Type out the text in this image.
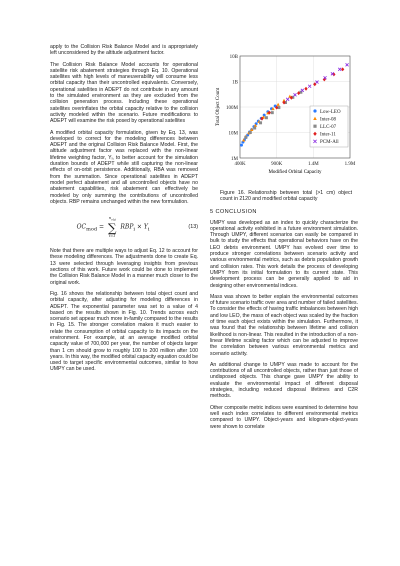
apply to the Collision Risk Balance Model and is appropriately left unconsidered by the altitude adjustment factor.

The Collision Risk Balance Model accounts for operational satellite risk abatement strategies through Eq. 10. Operational satellites with high levels of maneuverability will consume less orbital capacity than their uncontrolled equivalents. Conversely, operational satellites in ADEPT do not contribute in any amount to the simulated environment as they are excluded from the collision generation process. Including these operational satellites overinflates the orbital capacity relative to the collision activity modeled within the scenario. Future modifications to ADEPT will examine the risk posed by operational satellites

A modified orbital capacity formulation, given by Eq. 13, was developed to correct for the modeling differences between ADEPT and the original Collision Risk Balance Model. First, the altitude adjustment factor was replaced with the non-linear lifetime weighting factor, Yᵢ, to better account for the simulation duration bounds of ADEPT while still capturing the non-linear effects of on-orbit persistence. Additionally, RBA was removed from the summation. Since operational satellites in ADEPT model perfect abatement and all uncontrolled objects have no abatement capabilities, risk abatement can effectively be modeled by only summing the contributions of uncontrolled objects. RBP remains unchanged within the new formulation.

$OC_{mod}$ =
$n_{obj}$
∑
i=1
$RBP_i \times Y_i$	(13)

Note that there are multiple ways to adjust Eq. 12 to account for these modeling differences. The adjustments done to create Eq. 13 were selected through leveraging insights from previous sections of this work. Future work could be done to implement the Collision Risk Balance Model in a manner much closer to the original work.

Fig. 16 shows the relationship between total object count and orbital capacity, after adjusting for modeling differences in ADEPT. The exponential parameter was set to a value of 4 based on the results shown in Fig. 10. Trends across each scenario set appear much more in-family compared to the results in Fig. 15. The stronger correlation makes it much easier to relate the consumption of orbital capacity to its impacts on the environment. For example, at an average modified orbital capacity value of 700,000 per year, the number of objects larger than 1 cm should grow to roughly 100 to 200 million after 100 years. In this way, the modified orbital capacity equation could be used to target specific environmental outcomes, similar to how UMPY can be used.

1M
10M
100M
1B
10B
400K	900K	1.4M	1.9M
Modified Orbital Capacity
Total Object Count	Low-LEO
Inter-08
LLC-07
Inter-11
PCM-All

Figure 16. Relationship between total (>1 cm) object count in 2120 and modified orbital capacity

5 CONCLUSION

UMPY was developed as an index to quickly characterize the operational activity exhibited in a future environment simulation. Through UMPY, different scenarios can easily be compared in bulk to study the effects that operational behaviors have on the LEO debris environment. UMPY has evolved over time to produce stronger correlations between scenario activity and various environmental metrics, such as debris population growth and collision rates. This work details the process of developing UMPY from its initial formulation to its current state. This development process can be generally applied to aid in designing other environmental indices.

Mass was shown to better explain the environmental outcomes of future scenario traffic over area and number of failed satellites. To consider the effects of having traffic imbalances between high and low LEO, the mass of each object was scaled by the fraction of time each object exists within the simulation. Furthermore, it was found that the relationship between lifetime and collision likelihood is non-linear. This resulted in the introduction of a non-linear lifetime scaling factor which can be adjusted to improve the correlation between various environmental metrics and scenario activity.

An additional change to UMPY was made to account for the contributions of all uncontrolled objects, rather than just those of undisposed objects. This change gave UMPY the ability to evaluate the environmental impact of different disposal strategies, including reduced disposal lifetimes and C2R methods.

Other composite metric indices were examined to determine how well each index correlates to different environmental metrics compared to UMPY. Object-years and kilogram-object-years were shown to correlate
